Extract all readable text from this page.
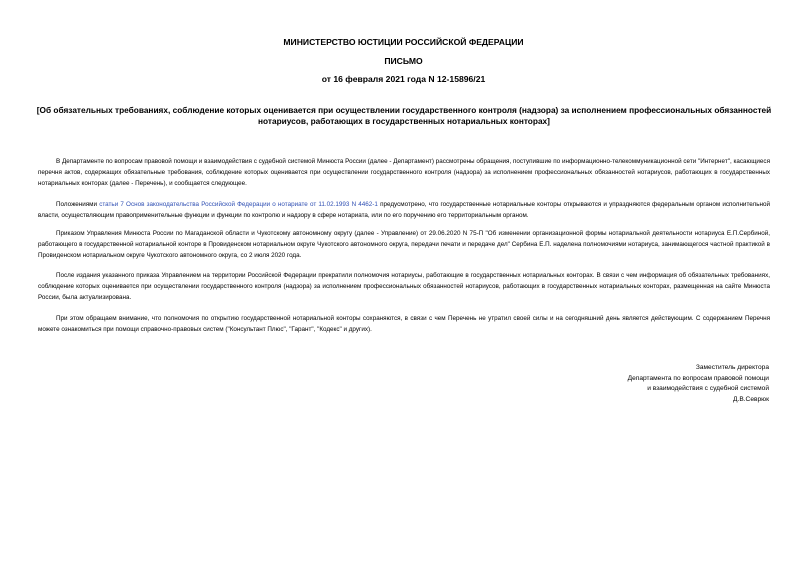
МИНИСТЕРСТВО ЮСТИЦИИ РОССИЙСКОЙ ФЕДЕРАЦИИ
ПИСЬМО
от 16 февраля 2021 года N 12-15896/21
[Об обязательных требованиях, соблюдение которых оценивается при осуществлении государственного контроля (надзора) за исполнением профессиональных обязанностей нотариусов, работающих в государственных нотариальных конторах]

В Департаменте по вопросам правовой помощи и взаимодействия с судебной системой Минюста России (далее - Департамент) рассмотрены обращения, поступившие по информационно-телекоммуникационной сети "Интернет", касающиеся перечня актов, содержащих обязательные требования, соблюдение которых оценивается при осуществлении государственного контроля (надзора) за исполнением профессиональных обязанностей нотариусов, работающих в государственных нотариальных конторах (далее - Перечень), и сообщается следующее.

Положениями статьи 7 Основ законодательства Российской Федерации о нотариате от 11.02.1993 N 4462-1 предусмотрено, что государственные нотариальные конторы открываются и упраздняются федеральным органом исполнительной власти, осуществляющим правоприменительные функции и функции по контролю и надзору в сфере нотариата, или по его поручению его территориальным органом.

Приказом Управления Минюста России по Магаданской области и Чукотскому автономному округу (далее - Управление) от 29.06.2020 N 75-П "Об изменении организационной формы нотариальной деятельности нотариуса Е.П.Сербиной, работающего в государственной нотариальной конторе в Провиденском нотариальном округе Чукотского автономного округа, передачи печати и передаче дел" Сербина Е.П. наделена полномочиями нотариуса, занимающегося частной практикой в Провиденском нотариальном округе Чукотского автономного округа, со 2 июля 2020 года.

После издания указанного приказа Управлением на территории Российской Федерации прекратили полномочия нотариусы, работающие в государственных нотариальных конторах. В связи с чем информация об обязательных требованиях, соблюдение которых оценивается при осуществлении государственного контроля (надзора) за исполнением профессиональных обязанностей нотариусов, работающих в государственных нотариальных конторах, размещенная на сайте Минюста России, была актуализирована.

При этом обращаем внимание, что полномочия по открытию государственной нотариальной конторы сохраняются, в связи с чем Перечень не утратил своей силы и на сегодняшний день является действующим. С содержанием Перечня можете ознакомиться при помощи справочно-правовых систем ("Консультант Плюс", "Гарант", "Кодекс" и других).

Заместитель директора
Департамента по вопросам правовой помощи
и взаимодействия с судебной системой
Д.В.Севрюк
